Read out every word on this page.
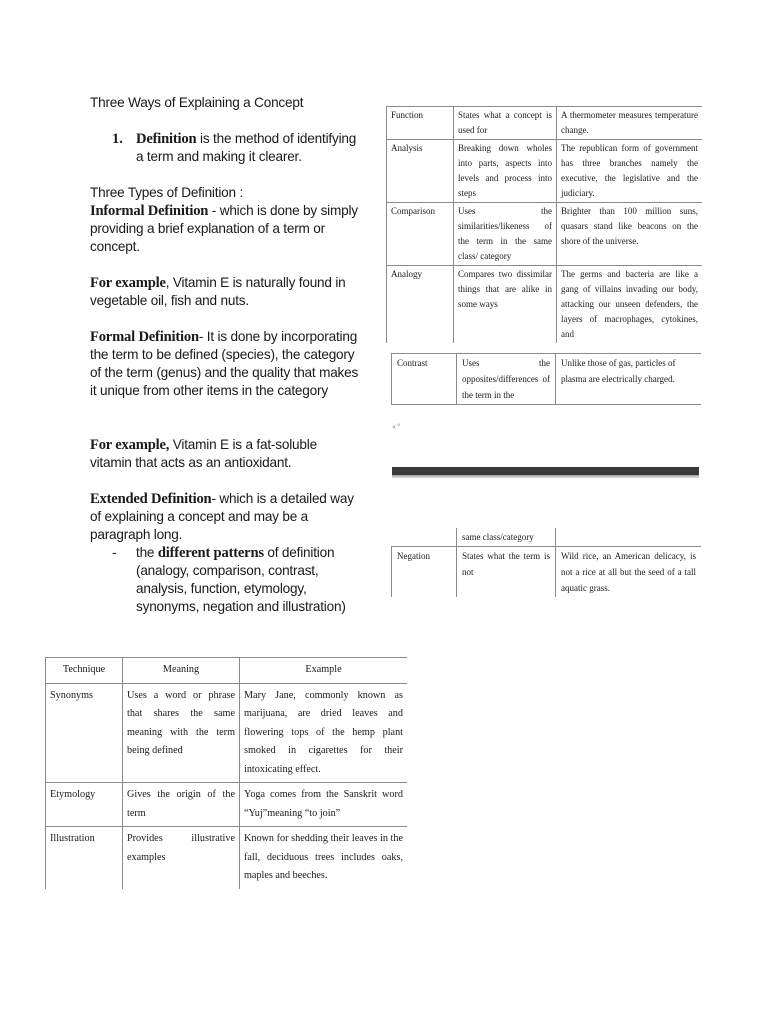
Three Ways of Explaining a Concept

1. Definition is the method of identifying a term and making it clearer.

Three Types of Definition :

Informal Definition - which is done by simply providing a brief explanation of a term or concept.

For example, Vitamin E is naturally found in vegetable oil, fish and nuts.

Formal Definition- It is done by incorporating the term to be defined (species), the category of the term (genus) and the quality that makes it unique from other items in the category

For example, Vitamin E is a fat-soluble vitamin that acts as an antioxidant.

Extended Definition- which is a detailed way of explaining a concept and may be a paragraph long.

-	the different patterns of definition (analogy, comparison, contrast, analysis, function, etymology, synonyms, negation and illustration)
Technique	Meaning	Example
Synonyms	Uses a word or phrase that shares the same meaning with the term being defined	Mary Jane, commonly known as marijuana, are dried leaves and flowering tops of the hemp plant smoked in cigarettes for their intoxicating effect.
Etymology	Gives the origin of the term	Yoga comes from the Sanskrit word “Yuj”meaning “to join”
Illustration	Provides illustrative examples	Known for shedding their leaves in the fall, deciduous trees includes oaks, maples and beeches.
Function	States what a concept is used for	A thermometer measures temperature change.
Analysis	Breaking down wholes into parts, aspects into levels and process into steps	The republican form of government has three branches namely the executive, the legislative and the judiciary.
Comparison	Uses the similarities/likeness of the term in the same class/ category	Brighter than 100 million suns, quasars stand like beacons on the shore of the universe.
Analogy	Compares two dissimilar things that are alike in some ways	The germs and bacteria are like a gang of villains invading our body, attacking our unseen defenders, the layers of macrophages, cytokines, and
Contrast	Uses the opposites/differences of the term in the	Unlike those of gas, particles of plasma are electrically charged.
«°
	same class/category	
Negation	States what the term is not	Wild rice, an American delicacy, is not a rice at all but the seed of a tall aquatic grass.
